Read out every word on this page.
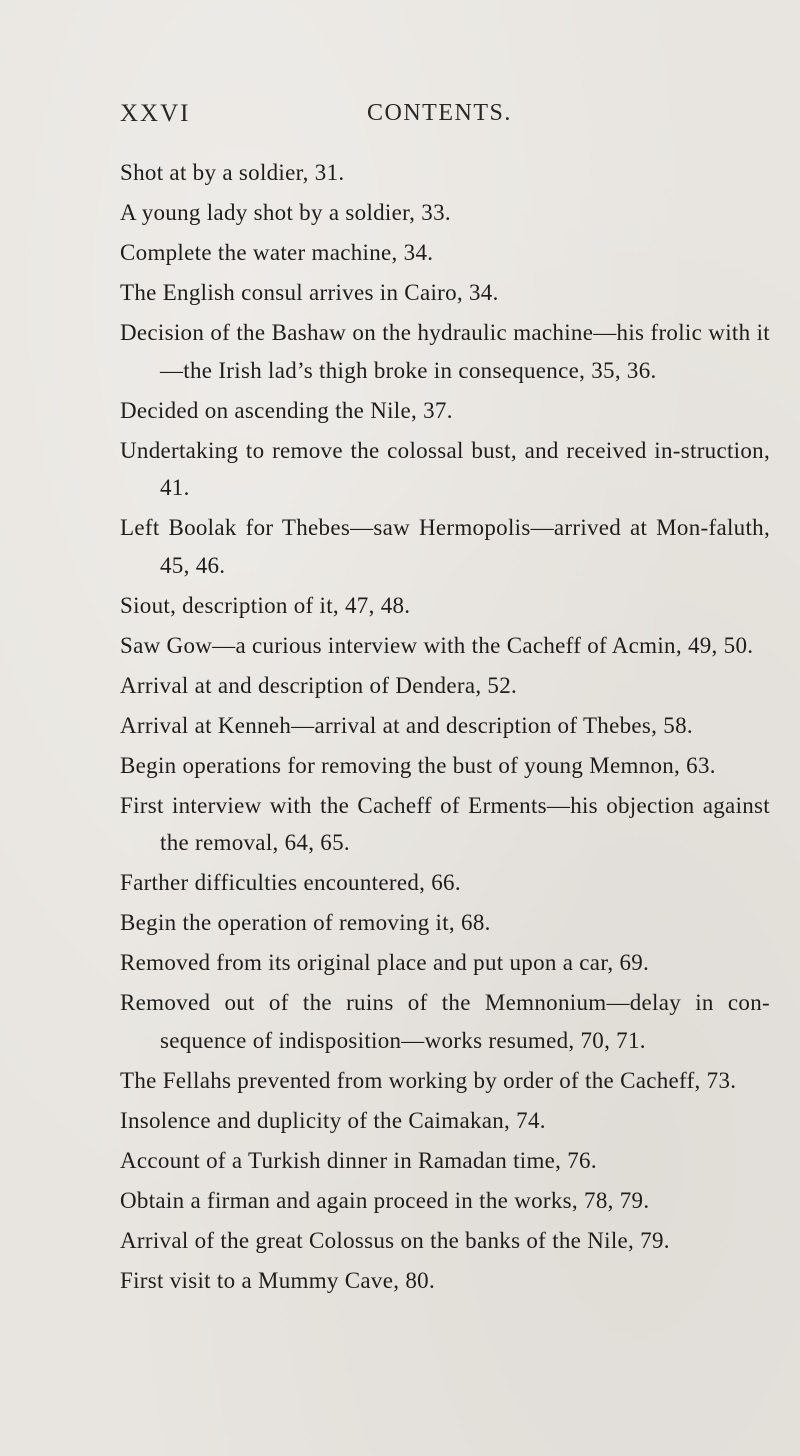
XXVI	CONTENTS.
Shot at by a soldier, 31.
A young lady shot by a soldier, 33.
Complete the water machine, 34.
The English consul arrives in Cairo, 34.
Decision of the Bashaw on the hydraulic machine—his frolic with it—the Irish lad’s thigh broke in consequence, 35, 36.
Decided on ascending the Nile, 37.
Undertaking to remove the colossal bust, and received in-struction, 41.
Left Boolak for Thebes—saw Hermopolis—arrived at Mon-faluth, 45, 46.
Siout, description of it, 47, 48.
Saw Gow—a curious interview with the Cacheff of Acmin, 49, 50.
Arrival at and description of Dendera, 52.
Arrival at Kenneh—arrival at and description of Thebes, 58.
Begin operations for removing the bust of young Memnon, 63.
First interview with the Cacheff of Erments—his objection against the removal, 64, 65.
Farther difficulties encountered, 66.
Begin the operation of removing it, 68.
Removed from its original place and put upon a car, 69.
Removed out of the ruins of the Memnonium—delay in con-sequence of indisposition—works resumed, 70, 71.
The Fellahs prevented from working by order of the Cacheff, 73.
Insolence and duplicity of the Caimakan, 74.
Account of a Turkish dinner in Ramadan time, 76.
Obtain a firman and again proceed in the works, 78, 79.
Arrival of the great Colossus on the banks of the Nile, 79.
First visit to a Mummy Cave, 80.
